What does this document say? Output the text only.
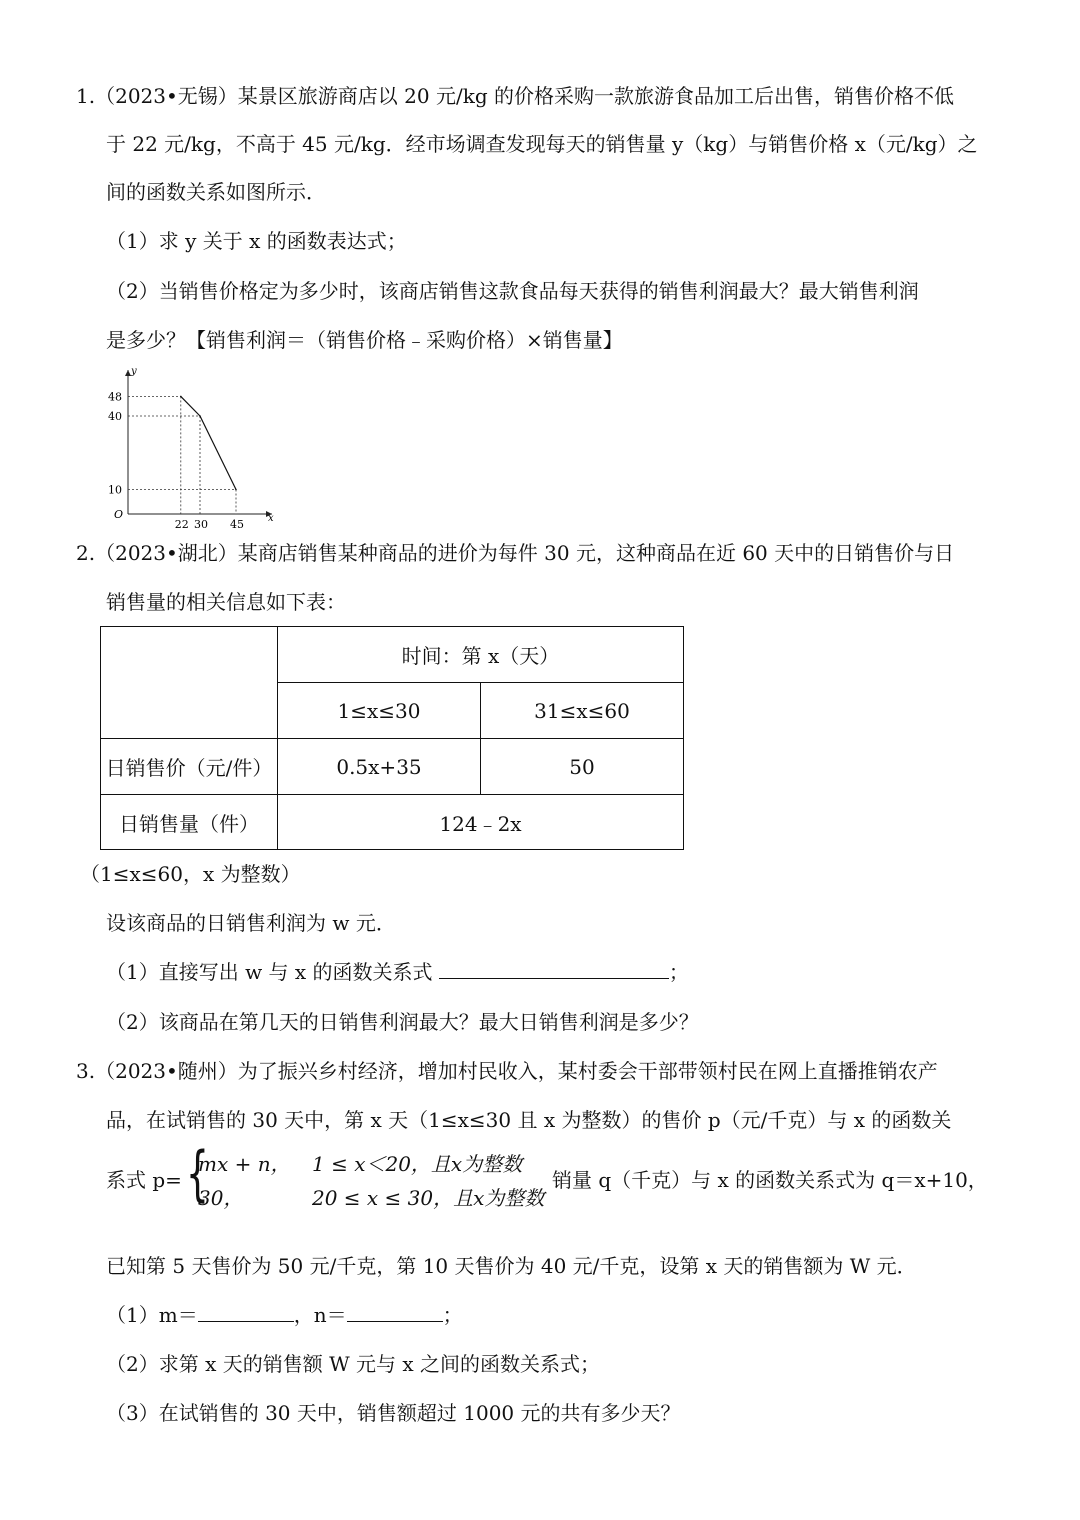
1.（2023•无锡）某景区旅游商店以 20 元/kg 的价格采购一款旅游食品加工后出售，销售价格不低
于 22 元/kg，不高于 45 元/kg．经市场调查发现每天的销售量 y（kg）与销售价格 x（元/kg）之
间的函数关系如图所示．
（1）求 y 关于 x 的函数表达式；
（2）当销售价格定为多少时，该商店销售这款食品每天获得的销售利润最大？最大销售利润
是多少？【销售利润＝（销售价格﹣采购价格）×销售量】
x
y
O
22 30 45
48
40
10
2.（2023•湖北）某商店销售某种商品的进价为每件 30 元，这种商品在近 60 天中的日销售价与日
销售量的相关信息如下表：
	时间：第 x（天）	
	1≤x≤30	31≤x≤60
日销售价（元/件）	0.5x+35	50
日销售量（件）	124﹣2x	
（1≤x≤60，x 为整数）
设该商品的日销售利润为 w 元．
（1）直接写出 w 与 x 的函数关系式	；
（2）该商品在第几天的日销售利润最大？最大日销售利润是多少？
3.（2023•随州）为了振兴乡村经济，增加村民收入，某村委会干部带领村民在网上直播推销农产
品，在试销售的 30 天中，第 x 天（1≤x≤30 且 x 为整数）的售价 p（元/千克）与 x 的函数关
系式 p= {
mx + n， 1 ≤ x＜20，且x为整数
30，	20 ≤ x ≤ 30，且x为整数
销量 q（千克）与 x 的函数关系式为 q＝x+10，
已知第 5 天售价为 50 元/千克，第 10 天售价为 40 元/千克，设第 x 天的销售额为 W 元．
（1）m＝	，n＝	；
（2）求第 x 天的销售额 W 元与 x 之间的函数关系式；
（3）在试销售的 30 天中，销售额超过 1000 元的共有多少天？
